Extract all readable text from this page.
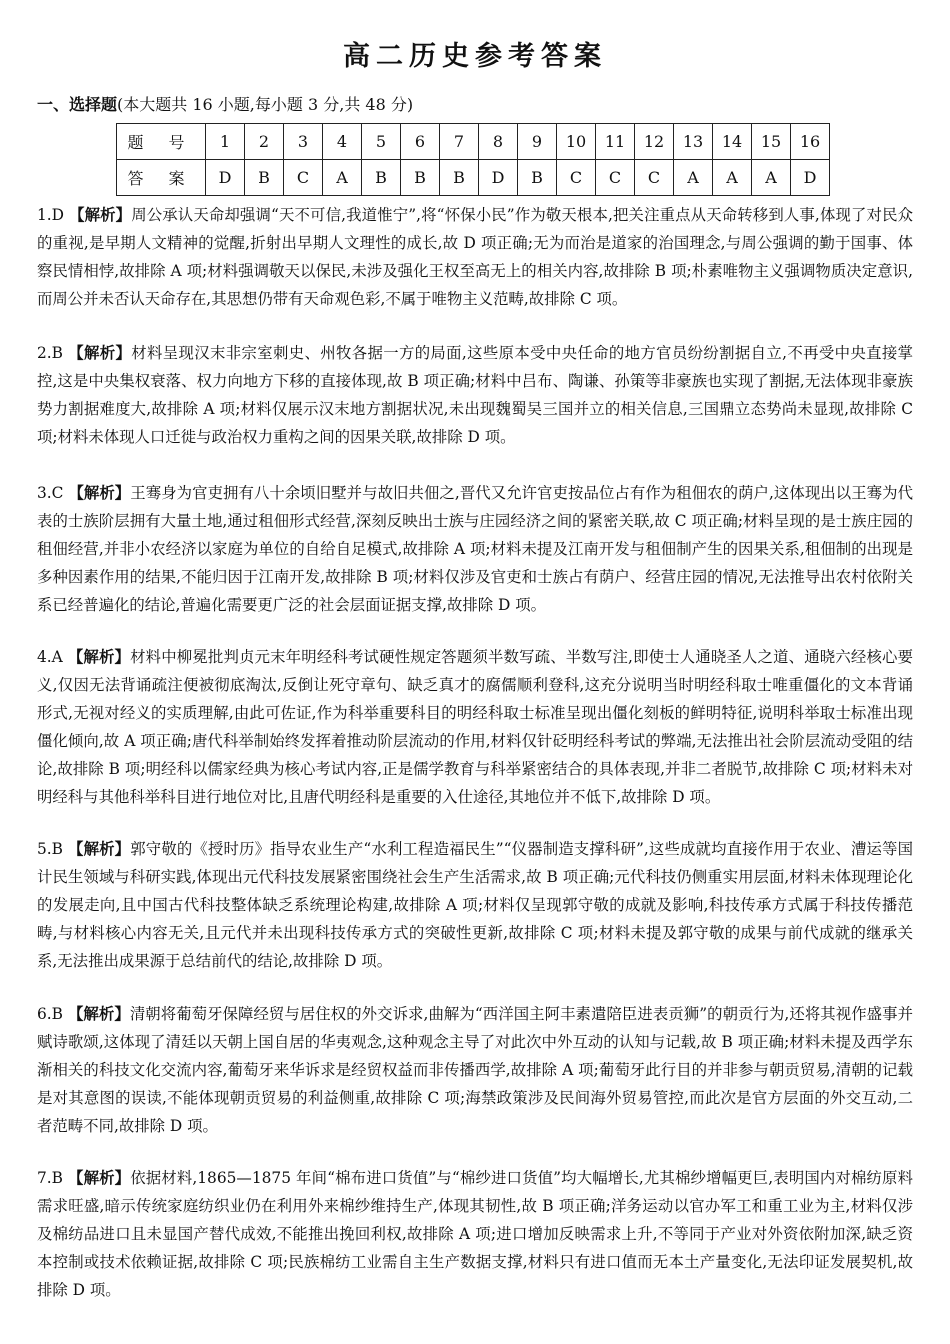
高二历史参考答案
一、选择题(本大题共 16 小题,每小题 3 分,共 48 分)
题 号	1	2	3	4	5	6	7	8	9	10	11	12	13	14	15	16
答 案	D	B	C	A	B	B	B	D	B	C	C	C	A	A	A	D
1.D 【解析】周公承认天命却强调“天不可信,我道惟宁”,将“怀保小民”作为敬天根本,把关注重点从天命转移到人事,体现了对民众的重视,是早期人文精神的觉醒,折射出早期人文理性的成长,故 D 项正确;无为而治是道家的治国理念,与周公强调的勤于国事、体察民情相悖,故排除 A 项;材料强调敬天以保民,未涉及强化王权至高无上的相关内容,故排除 B 项;朴素唯物主义强调物质决定意识,而周公并未否认天命存在,其思想仍带有天命观色彩,不属于唯物主义范畴,故排除 C 项。
2.B 【解析】材料呈现汉末非宗室刺史、州牧各据一方的局面,这些原本受中央任命的地方官员纷纷割据自立,不再受中央直接掌控,这是中央集权衰落、权力向地方下移的直接体现,故 B 项正确;材料中吕布、陶谦、孙策等非豪族也实现了割据,无法体现非豪族势力割据难度大,故排除 A 项;材料仅展示汉末地方割据状况,未出现魏蜀吴三国并立的相关信息,三国鼎立态势尚未显现,故排除 C 项;材料未体现人口迁徙与政治权力重构之间的因果关联,故排除 D 项。
3.C 【解析】王骞身为官吏拥有八十余顷旧墅并与故旧共佃之,晋代又允许官吏按品位占有作为租佃农的荫户,这体现出以王骞为代表的士族阶层拥有大量土地,通过租佃形式经营,深刻反映出士族与庄园经济之间的紧密关联,故 C 项正确;材料呈现的是士族庄园的租佃经营,并非小农经济以家庭为单位的自给自足模式,故排除 A 项;材料未提及江南开发与租佃制产生的因果关系,租佃制的出现是多种因素作用的结果,不能归因于江南开发,故排除 B 项;材料仅涉及官吏和士族占有荫户、经营庄园的情况,无法推导出农村依附关系已经普遍化的结论,普遍化需要更广泛的社会层面证据支撑,故排除 D 项。
4.A 【解析】材料中柳冕批判贞元末年明经科考试硬性规定答题须半数写疏、半数写注,即使士人通晓圣人之道、通晓六经核心要义,仅因无法背诵疏注便被彻底淘汰,反倒让死守章句、缺乏真才的腐儒顺利登科,这充分说明当时明经科取士唯重僵化的文本背诵形式,无视对经义的实质理解,由此可佐证,作为科举重要科目的明经科取士标准呈现出僵化刻板的鲜明特征,说明科举取士标准出现僵化倾向,故 A 项正确;唐代科举制始终发挥着推动阶层流动的作用,材料仅针砭明经科考试的弊端,无法推出社会阶层流动受阻的结论,故排除 B 项;明经科以儒家经典为核心考试内容,正是儒学教育与科举紧密结合的具体表现,并非二者脱节,故排除 C 项;材料未对明经科与其他科举科目进行地位对比,且唐代明经科是重要的入仕途径,其地位并不低下,故排除 D 项。
5.B 【解析】郭守敬的《授时历》指导农业生产“水利工程造福民生”“仪器制造支撑科研”,这些成就均直接作用于农业、漕运等国计民生领域与科研实践,体现出元代科技发展紧密围绕社会生产生活需求,故 B 项正确;元代科技仍侧重实用层面,材料未体现理论化的发展走向,且中国古代科技整体缺乏系统理论构建,故排除 A 项;材料仅呈现郭守敬的成就及影响,科技传承方式属于科技传播范畴,与材料核心内容无关,且元代并未出现科技传承方式的突破性更新,故排除 C 项;材料未提及郭守敬的成果与前代成就的继承关系,无法推出成果源于总结前代的结论,故排除 D 项。
6.B 【解析】清朝将葡萄牙保障经贸与居住权的外交诉求,曲解为“西洋国主阿丰素遣陪臣进表贡狮”的朝贡行为,还将其视作盛事并赋诗歌颂,这体现了清廷以天朝上国自居的华夷观念,这种观念主导了对此次中外互动的认知与记载,故 B 项正确;材料未提及西学东渐相关的科技文化交流内容,葡萄牙来华诉求是经贸权益而非传播西学,故排除 A 项;葡萄牙此行目的并非参与朝贡贸易,清朝的记载是对其意图的误读,不能体现朝贡贸易的利益侧重,故排除 C 项;海禁政策涉及民间海外贸易管控,而此次是官方层面的外交互动,二者范畴不同,故排除 D 项。
7.B 【解析】依据材料,1865—1875 年间“棉布进口货值”与“棉纱进口货值”均大幅增长,尤其棉纱增幅更巨,表明国内对棉纺原料需求旺盛,暗示传统家庭纺织业仍在利用外来棉纱维持生产,体现其韧性,故 B 项正确;洋务运动以官办军工和重工业为主,材料仅涉及棉纺品进口且未显国产替代成效,不能推出挽回利权,故排除 A 项;进口增加反映需求上升,不等同于产业对外资依附加深,缺乏资本控制或技术依赖证据,故排除 C 项;民族棉纺工业需自主生产数据支撑,材料只有进口值而无本土产量变化,无法印证发展契机,故排除 D 项。
